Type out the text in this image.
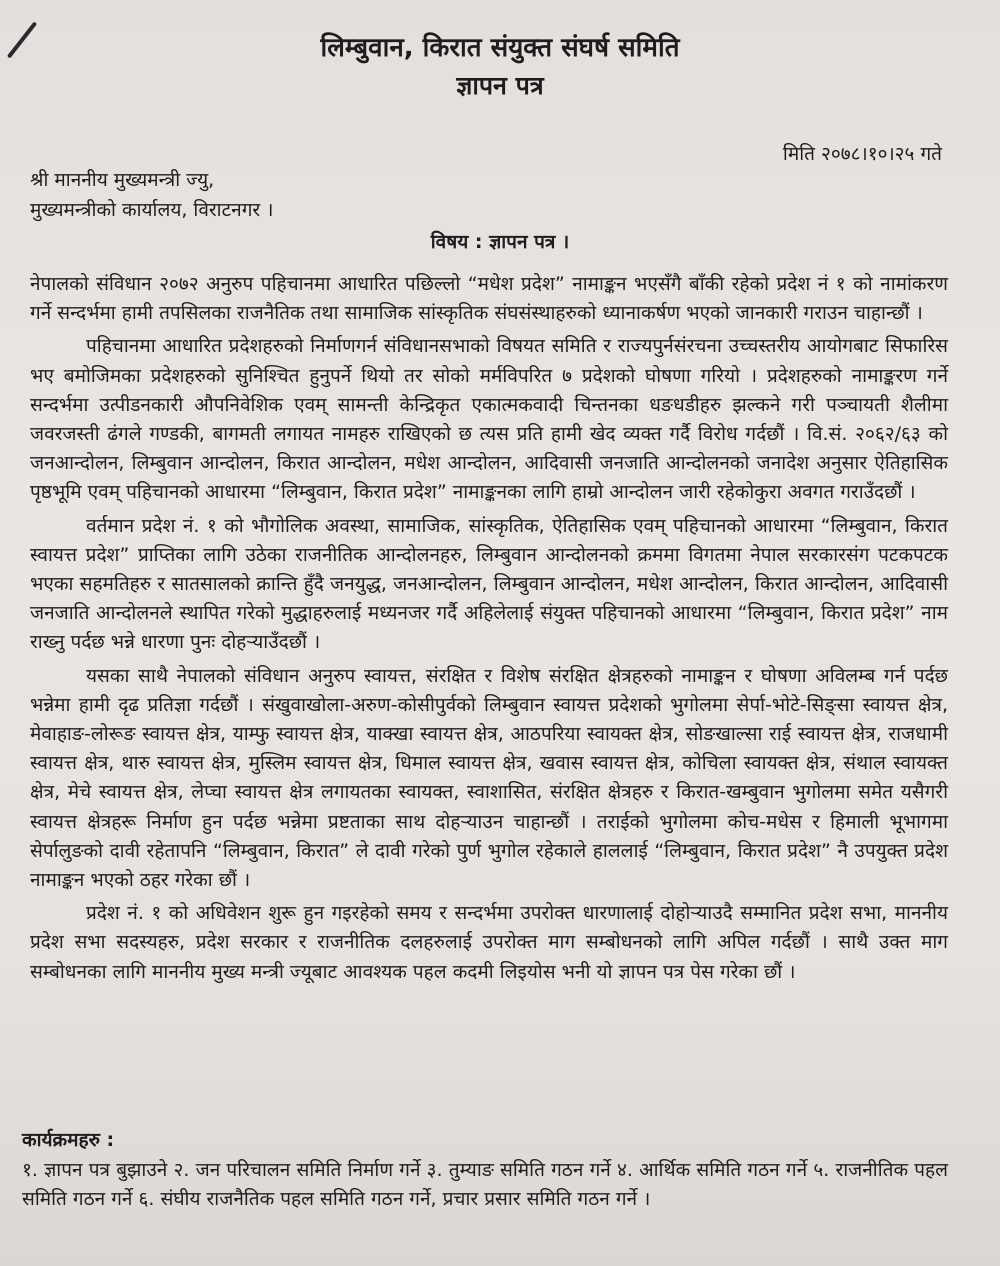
लिम्बुवान, किरात संयुक्त संघर्ष समिति
ज्ञापन पत्र
मिति २०७८।१०।२५ गते
श्री माननीय मुख्यमन्त्री ज्यु,
मुख्यमन्त्रीको कार्यालय, विराटनगर ।
विषय : ज्ञापन पत्र ।

नेपालको संविधान २०७२ अनुरुप पहिचानमा आधारित पछिल्लो “मधेश प्रदेश” नामाङ्कन भएसँगै बाँकी रहेको प्रदेश नं १ को नामांकरण गर्ने सन्दर्भमा हामी तपसिलका राजनैतिक तथा सामाजिक सांस्कृतिक संघसंस्थाहरुको ध्यानाकर्षण भएको जानकारी गराउन चाहान्छौं ।

पहिचानमा आधारित प्रदेशहरुको निर्माणगर्न संविधानसभाको विषयत समिति र राज्यपुर्नसंरचना उच्चस्तरीय आयोगबाट सिफारिस भए बमोजिमका प्रदेशहरुको सुनिश्चित हुनुपर्ने थियो तर सोको मर्मविपरित ७ प्रदेशको घोषणा गरियो । प्रदेशहरुको नामाङ्करण गर्ने सन्दर्भमा उत्पीडनकारी औपनिवेशिक एवम् सामन्ती केन्द्रिकृत एकात्मकवादी चिन्तनका धङधडीहरु झल्कने गरी पञ्चायती शैलीमा जवरजस्ती ढंगले गण्डकी, बागमती लगायत नामहरु राखिएको छ त्यस प्रति हामी खेद व्यक्त गर्दै विरोध गर्दछौं । वि.सं. २०६२/६३ को जनआन्दोलन, लिम्बुवान आन्दोलन, किरात आन्दोलन, मधेश आन्दोलन, आदिवासी जनजाति आन्दोलनको जनादेश अनुसार ऐतिहासिक पृष्ठभूमि एवम् पहिचानको आधारमा “लिम्बुवान, किरात प्रदेश” नामाङ्कनका लागि हाम्रो आन्दोलन जारी रहेकोकुरा अवगत गराउँदछौं ।

वर्तमान प्रदेश नं. १ को भौगोलिक अवस्था, सामाजिक, सांस्कृतिक, ऐतिहासिक एवम् पहिचानको आधारमा “लिम्बुवान, किरात स्वायत्त प्रदेश” प्राप्तिका लागि उठेका राजनीतिक आन्दोलनहरु, लिम्बुवान आन्दोलनको क्रममा विगतमा नेपाल सरकारसंग पटकपटक भएका सहमतिहरु र सातसालको क्रान्ति हुँदै जनयुद्ध, जनआन्दोलन, लिम्बुवान आन्दोलन, मधेश आन्दोलन, किरात आन्दोलन, आदिवासी जनजाति आन्दोलनले स्थापित गरेको मुद्धाहरुलाई मध्यनजर गर्दै अहिलेलाई संयुक्त पहिचानको आधारमा “लिम्बुवान, किरात प्रदेश” नाम राख्नु पर्दछ भन्ने धारणा पुनः दोहऱ्याउँदछौं ।

यसका साथै नेपालको संविधान अनुरुप स्वायत्त, संरक्षित र विशेष संरक्षित क्षेत्रहरुको नामाङ्कन र घोषणा अविलम्ब गर्न पर्दछ भन्नेमा हामी दृढ प्रतिज्ञा गर्दछौं । संखुवाखोला-अरुण-कोसीपुर्वको लिम्बुवान स्वायत्त प्रदेशको भुगोलमा सेर्पा-भोटे-सिङ्सा स्वायत्त क्षेत्र, मेवाहाङ-लोरूङ स्वायत्त क्षेत्र, याम्फु स्वायत्त क्षेत्र, याक्खा स्वायत्त क्षेत्र, आठपरिया स्वायक्त क्षेत्र, सोङखाल्सा राई स्वायत्त क्षेत्र, राजधामी स्वायत्त क्षेत्र, थारु स्वायत्त क्षेत्र, मुस्लिम स्वायत्त क्षेत्र, धिमाल स्वायत्त क्षेत्र, खवास स्वायत्त क्षेत्र, कोचिला स्वायक्त क्षेत्र, संथाल स्वायक्त क्षेत्र, मेचे स्वायत्त क्षेत्र, लेप्चा स्वायत्त क्षेत्र लगायतका स्वायक्त, स्वाशासित, संरक्षित क्षेत्रहरु र किरात-खम्बुवान भुगोलमा समेत यसैगरी स्वायत्त क्षेत्रहरू निर्माण हुन पर्दछ भन्नेमा प्रष्टताका साथ दोहऱ्याउन चाहान्छौं । तराईको भुगोलमा कोच-मधेस र हिमाली भूभागमा सेर्पालुङको दावी रहेतापनि “लिम्बुवान, किरात” ले दावी गरेको पुर्ण भुगोल रहेकाले हाललाई “लिम्बुवान, किरात प्रदेश” नै उपयुक्त प्रदेश नामाङ्कन भएको ठहर गरेका छौं ।

प्रदेश नं. १ को अधिवेशन शुरू हुन गइरहेको समय र सन्दर्भमा उपरोक्त धारणालाई दोहोऱ्याउदै सम्मानित प्रदेश सभा, माननीय प्रदेश सभा सदस्यहरु, प्रदेश सरकार र राजनीतिक दलहरुलाई उपरोक्त माग सम्बोधनको लागि अपिल गर्दछौं । साथै उक्त माग सम्बोधनका लागि माननीय मुख्य मन्त्री ज्यूबाट आवश्यक पहल कदमी लिइयोस भनी यो ज्ञापन पत्र पेस गरेका छौं ।

कार्यक्रमहरु :
१. ज्ञापन पत्र बुझाउने २. जन परिचालन समिति निर्माण गर्ने ३. तुम्याङ समिति गठन गर्ने ४. आर्थिक समिति गठन गर्ने ५. राजनीतिक पहल समिति गठन गर्ने ६. संघीय राजनैतिक पहल समिति गठन गर्ने, प्रचार प्रसार समिति गठन गर्ने ।
